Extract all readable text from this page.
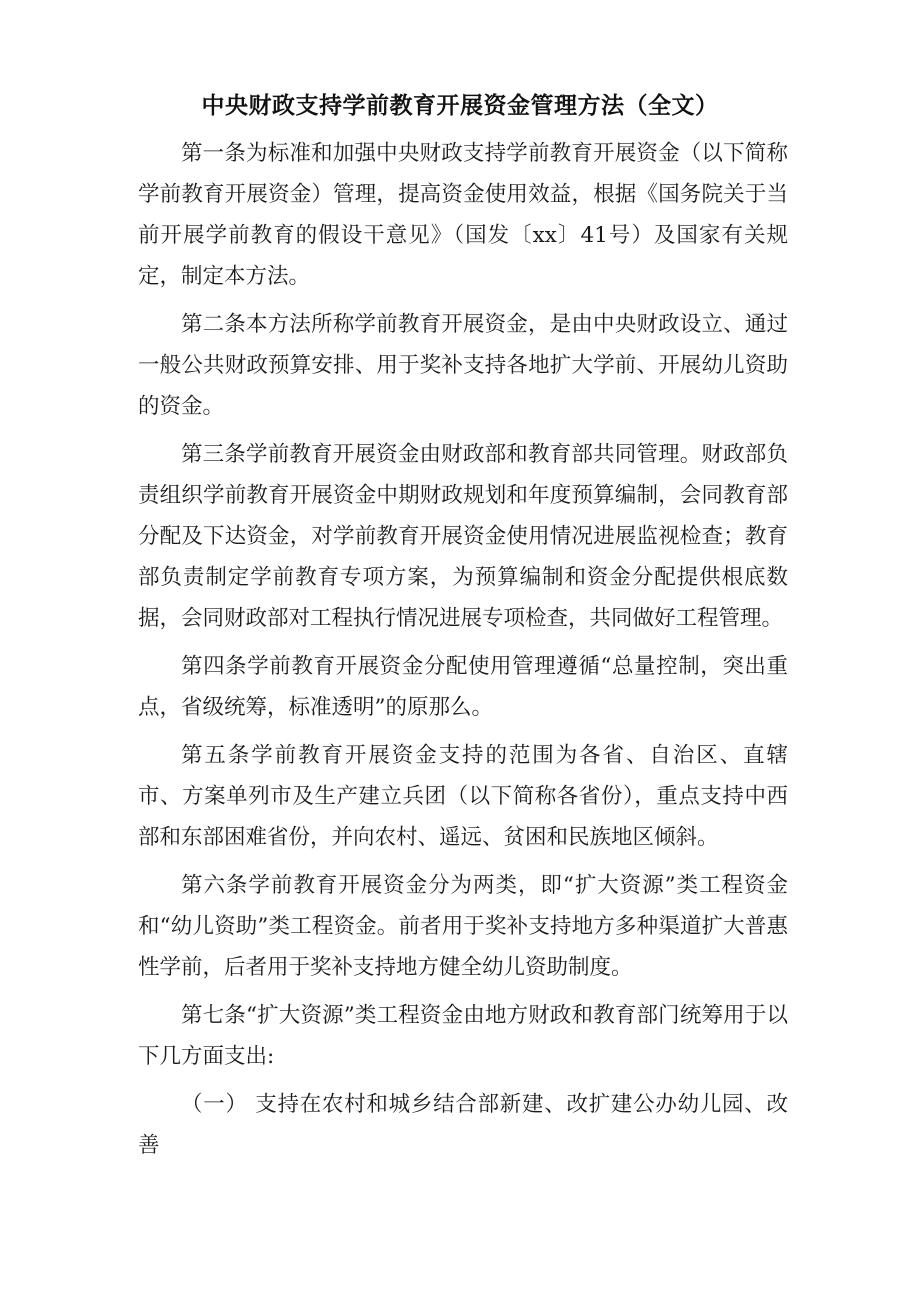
中央财政支持学前教育开展资金管理方法（全文）

第一条为标准和加强中央财政支持学前教育开展资金（以下简称学前教育开展资金）管理，提高资金使用效益，根据《国务院关于当前开展学前教育的假设干意见》（国发〔xx〕41号）及国家有关规定，制定本方法。

第二条本方法所称学前教育开展资金，是由中央财政设立、通过一般公共财政预算安排、用于奖补支持各地扩大学前、开展幼儿资助的资金。

第三条学前教育开展资金由财政部和教育部共同管理。财政部负责组织学前教育开展资金中期财政规划和年度预算编制，会同教育部分配及下达资金，对学前教育开展资金使用情况进展监视检查；教育部负责制定学前教育专项方案，为预算编制和资金分配提供根底数据，会同财政部对工程执行情况进展专项检查，共同做好工程管理。

第四条学前教育开展资金分配使用管理遵循“总量控制，突出重点，省级统筹，标准透明”的原那么。

第五条学前教育开展资金支持的范围为各省、自治区、直辖 市、方案单列市及生产建立兵团（以下简称各省份），重点支持中西 部和东部困难省份，并向农村、遥远、贫困和民族地区倾斜。

第六条学前教育开展资金分为两类，即“扩大资源”类工程资金和“幼儿资助”类工程资金。前者用于奖补支持地方多种渠道扩大普惠性学前，后者用于奖补支持地方健全幼儿资助制度。

第七条“扩大资源”类工程资金由地方财政和教育部门统筹用于以下几方面支出:

（一） 支持在农村和城乡结合部新建、改扩建公办幼儿园、改善
